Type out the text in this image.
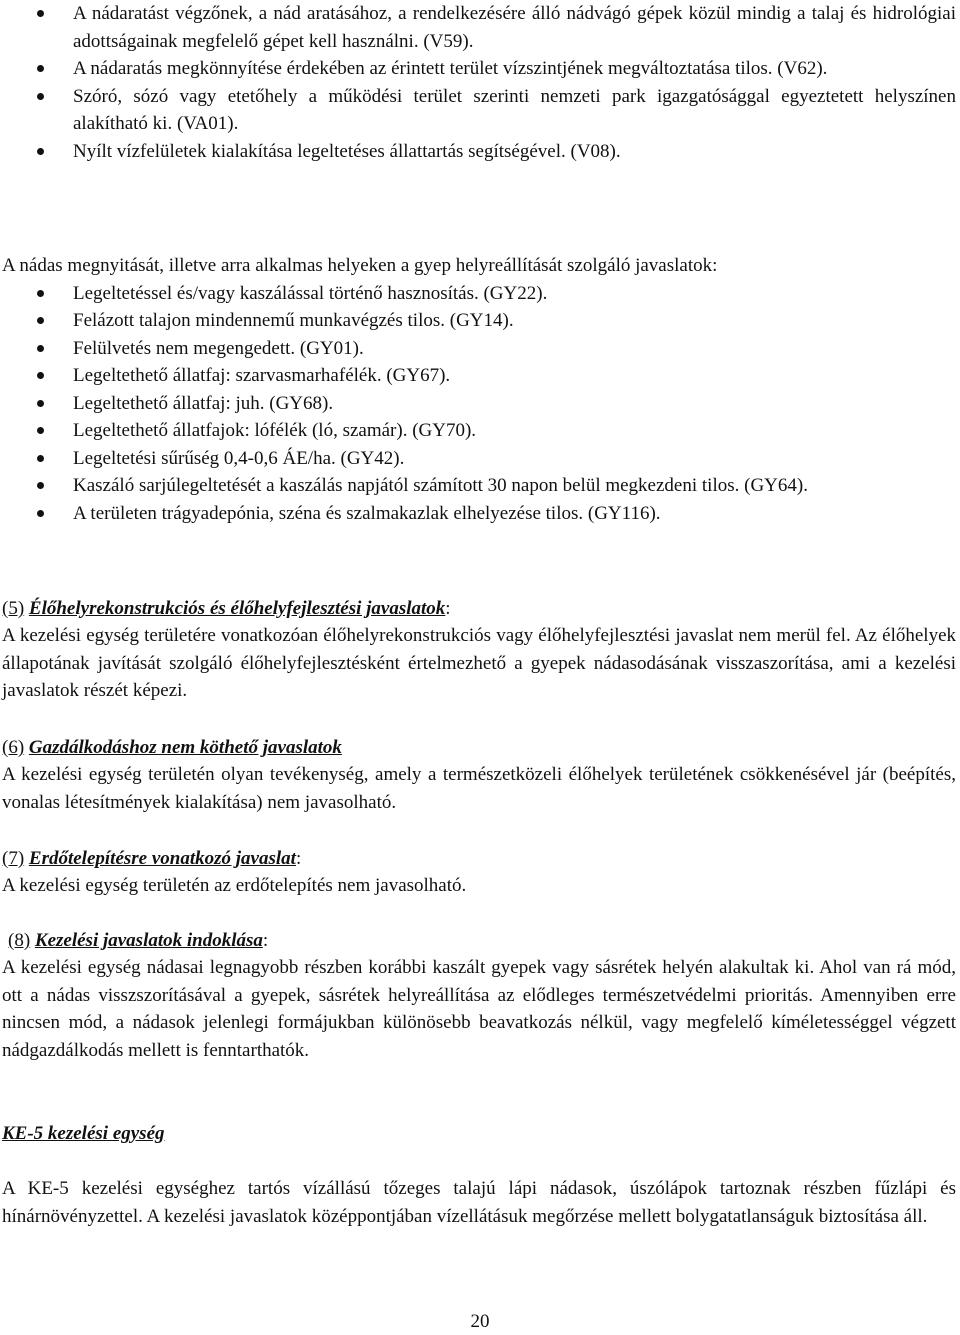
A nádaratást végzőnek, a nád aratásához, a rendelkezésére álló nádvágó gépek közül mindig a talaj és hidrológiai adottságainak megfelelő gépet kell használni. (V59).
A nádaratás megkönnyítése érdekében az érintett terület vízszintjének megváltoztatása tilos. (V62).
Szóró, sózó vagy etetőhely a működési terület szerinti nemzeti park igazgatósággal egyeztetett helyszínen alakítható ki. (VA01).
Nyílt vízfelületek kialakítása legeltetéses állattartás segítségével. (V08).
A nádas megnyitását, illetve arra alkalmas helyeken a gyep helyreállítását szolgáló javaslatok:
Legeltetéssel és/vagy kaszálással történő hasznosítás. (GY22).
Felázott talajon mindennemű munkavégzés tilos. (GY14).
Felülvetés nem megengedett. (GY01).
Legeltethető állatfaj: szarvasmarhafélék. (GY67).
Legeltethető állatfaj: juh. (GY68).
Legeltethető állatfajok: lófélék (ló, szamár). (GY70).
Legeltetési sűrűség 0,4-0,6 ÁE/ha. (GY42).
Kaszáló sarjúlegeltetését a kaszálás napjától számított 30 napon belül megkezdeni tilos. (GY64).
A területen trágyadepónia, széna és szalmakazlak elhelyezése tilos. (GY116).
(5) Élőhelyrekonstrukciós és élőhelyfejlesztési javaslatok:
A kezelési egység területére vonatkozóan élőhelyrekonstrukciós vagy élőhelyfejlesztési javaslat nem merül fel. Az élőhelyek állapotának javítását szolgáló élőhelyfejlesztésként értelmezhető a gyepek nádasodásának visszaszorítása, ami a kezelési javaslatok részét képezi.
(6) Gazdálkodáshoz nem köthető javaslatok
A kezelési egység területén olyan tevékenység, amely a természetközeli élőhelyek területének csökkenésével jár (beépítés, vonalas létesítmények kialakítása) nem javasolható.
(7) Erdőtelepítésre vonatkozó javaslat:
A kezelési egység területén az erdőtelepítés nem javasolható.
(8) Kezelési javaslatok indoklása:
A kezelési egység nádasai legnagyobb részben korábbi kaszált gyepek vagy sásrétek helyén alakultak ki. Ahol van rá mód, ott a nádas visszszorításával a gyepek, sásrétek helyreállítása az elődleges természetvédelmi prioritás. Amennyiben erre nincsen mód, a nádasok jelenlegi formájukban különösebb beavatkozás nélkül, vagy megfelelő kíméletességgel végzett nádgazdálkodás mellett is fenntarthatók.
KE-5 kezelési egység
A KE-5 kezelési egységhez tartós vízállású tőzeges talajú lápi nádasok, úszólápok tartoznak részben fűzlápi és hínárnövényzettel. A kezelési javaslatok középpontjában vízellátásuk megőrzése mellett bolygatatlanságuk biztosítása áll.
20
